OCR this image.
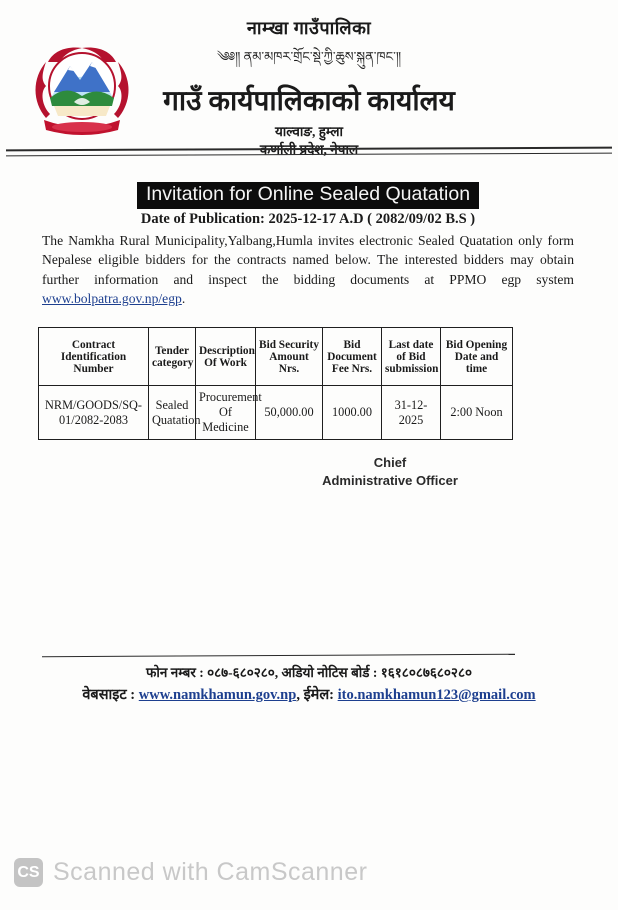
नाम्खा गाउँपालिका
༄༅༎ ནམ་མཁར་གྲོང་སྡེ་ཀྱི་ཆུས་སྐུན་ཁང་༎
गाउँ कार्यपालिकाको कार्यालय
याल्वाङ, हुम्ला
कर्णाली प्रदेश, नेपाल
Invitation for Online Sealed Quatation
Date of Publication: 2025-12-17 A.D ( 2082/09/02 B.S )
The Namkha Rural Municipality,Yalbang,Humla invites electronic Sealed Quatation only form Nepalese eligible bidders for the contracts named below. The interested bidders may obtain further information and inspect the bidding documents at PPMO egp system www.bolpatra.gov.np/egp.
Contract Identification Number	Tender category	Description Of Work	Bid Security Amount Nrs.	Bid Document Fee Nrs.	Last date of Bid submission	Bid Opening Date and time
NRM/GOODS/SQ-01/2082-2083	Sealed Quatation	Procurement Of Medicine	50,000.00	1000.00	31-12-2025	2:00 Noon
Chief
Administrative Officer
फोन नम्बर : ०८७-६८०२८०, अडियो नोटिस बोर्ड : १६१८०८७६८०२८०
वेबसाइट : www.namkhamun.gov.np, ईमेल: ito.namkhamun123@gmail.com
CS Scanned with CamScanner
